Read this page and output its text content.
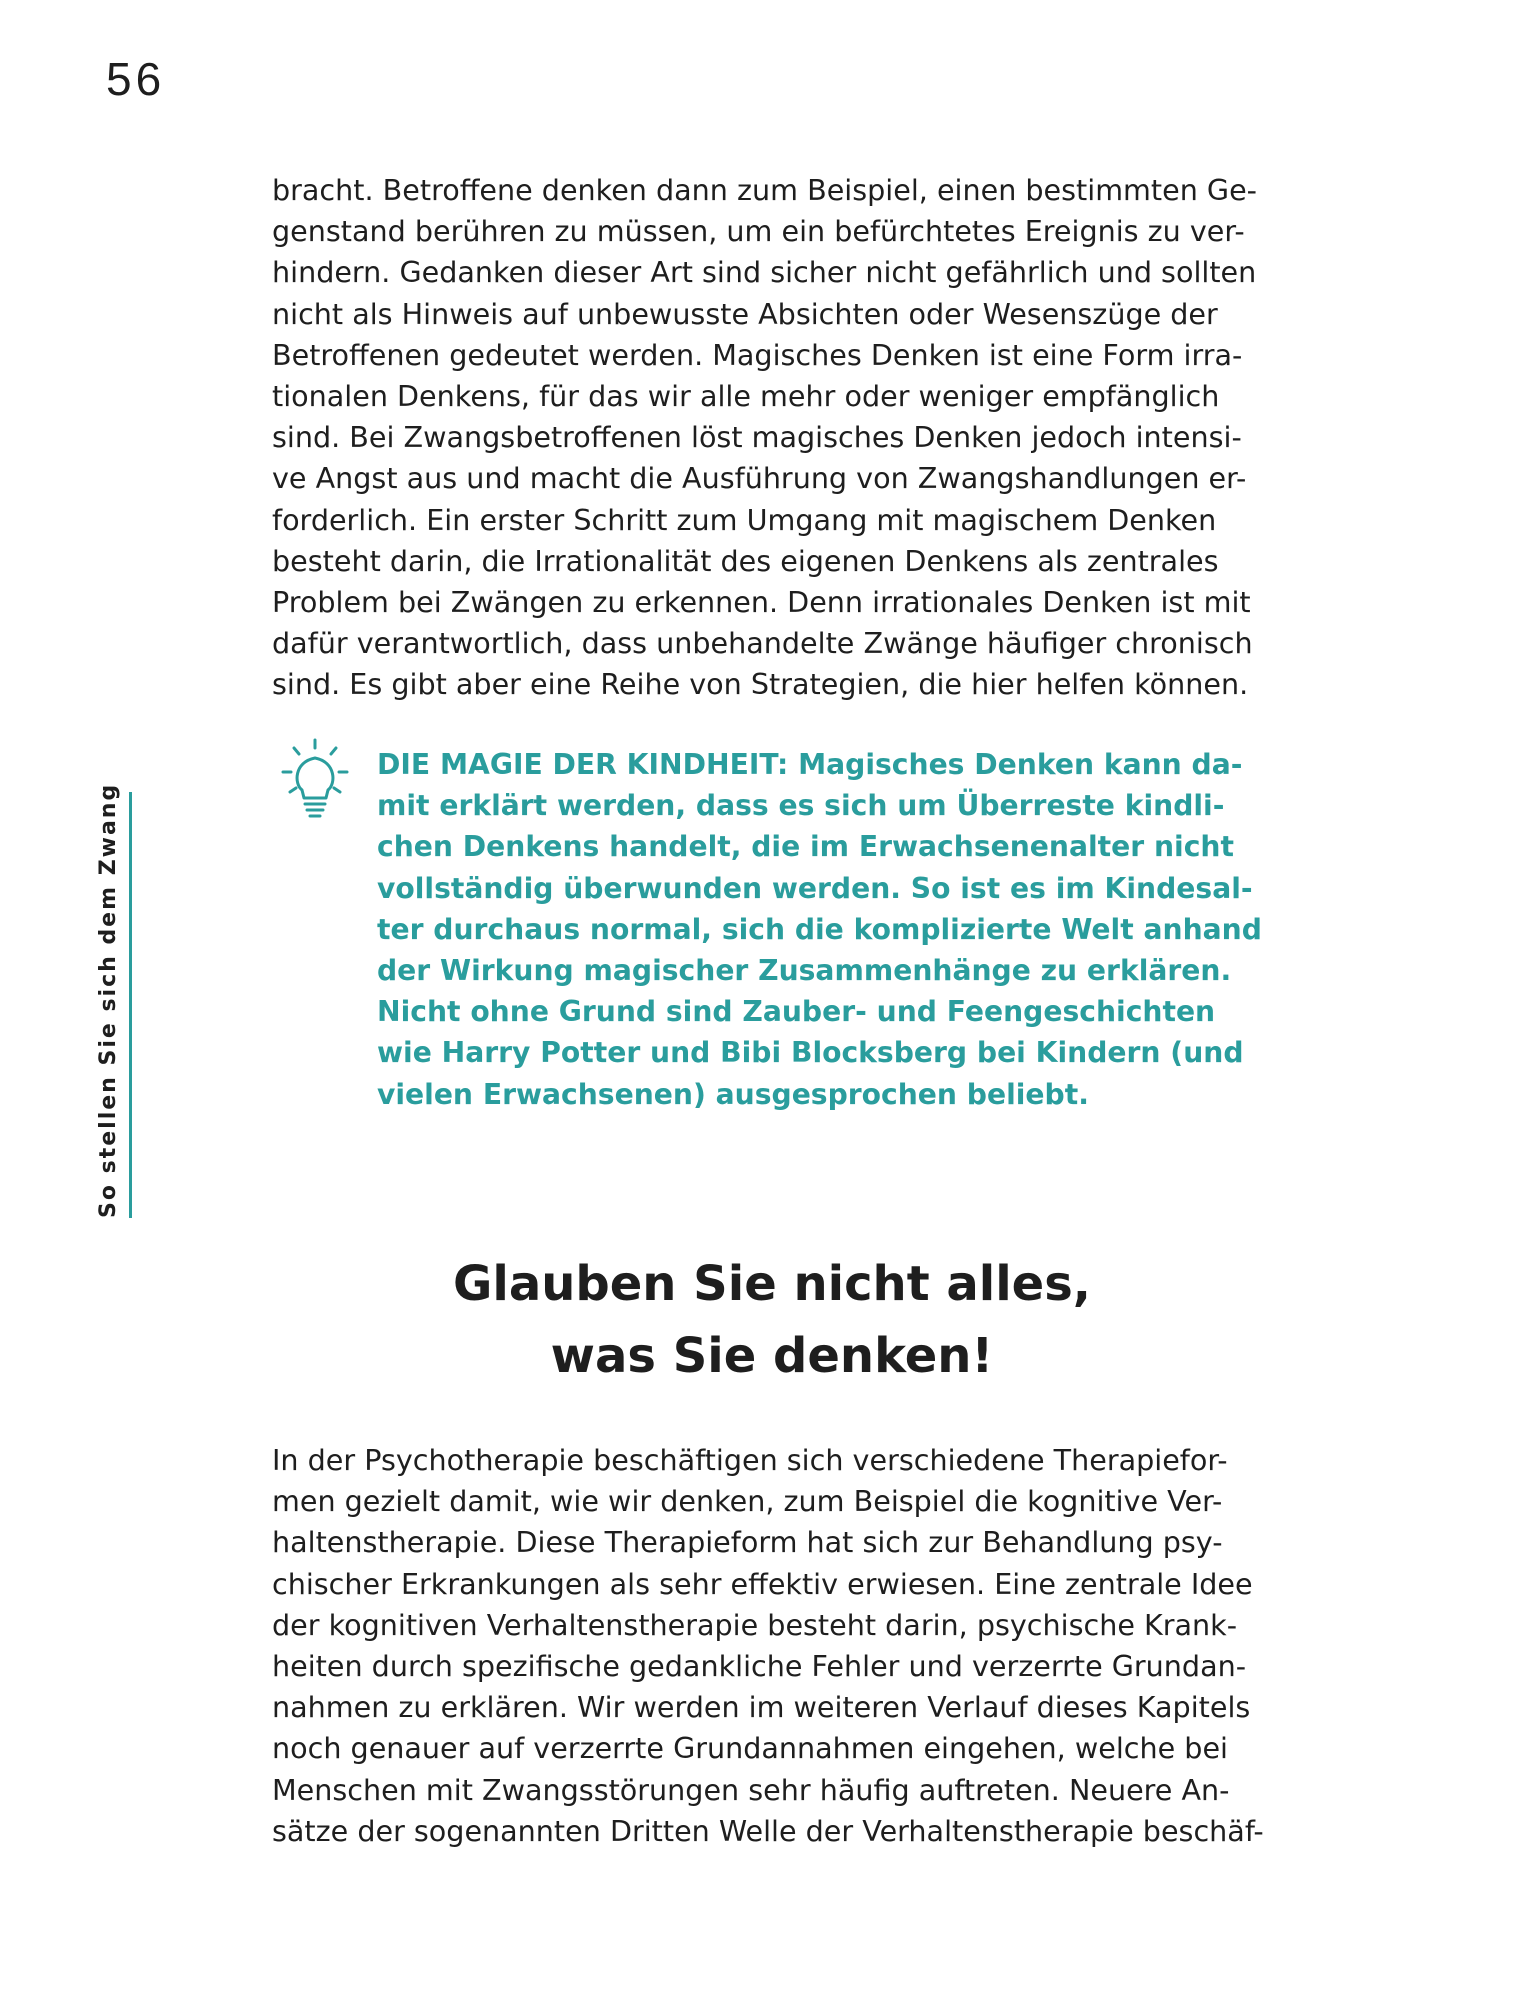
56
So stellen Sie sich dem Zwang
bracht. Betroffene denken dann zum Beispiel, einen bestimmten Ge-
genstand berühren zu müssen, um ein befürchtetes Ereignis zu ver-
hindern. Gedanken dieser Art sind sicher nicht gefährlich und sollten
nicht als Hinweis auf unbewusste Absichten oder Wesenszüge der
Betroffenen gedeutet werden. Magisches Denken ist eine Form irra-
tionalen Denkens, für das wir alle mehr oder weniger empfänglich
sind. Bei Zwangsbetroffenen löst magisches Denken jedoch intensi-
ve Angst aus und macht die Ausführung von Zwangshandlungen er-
forderlich. Ein erster Schritt zum Umgang mit magischem Denken
besteht darin, die Irrationalität des eigenen Denkens als zentrales
Problem bei Zwängen zu erkennen. Denn irrationales Denken ist mit
dafür verantwortlich, dass unbehandelte Zwänge häufiger chronisch
sind. Es gibt aber eine Reihe von Strategien, die hier helfen können.
DIE MAGIE DER KINDHEIT: Magisches Denken kann da-
mit erklärt werden, dass es sich um Überreste kindli-
chen Denkens handelt, die im Erwachsenenalter nicht
vollständig überwunden werden. So ist es im Kindesal-
ter durchaus normal, sich die komplizierte Welt anhand
der Wirkung magischer Zusammenhänge zu erklären.
Nicht ohne Grund sind Zauber- und Feengeschichten
wie Harry Potter und Bibi Blocksberg bei Kindern (und
vielen Erwachsenen) ausgesprochen beliebt.
Glauben Sie nicht alles,
was Sie denken!
In der Psychotherapie beschäftigen sich verschiedene Therapiefor-
men gezielt damit, wie wir denken, zum Beispiel die kognitive Ver-
haltenstherapie. Diese Therapieform hat sich zur Behandlung psy-
chischer Erkrankungen als sehr effektiv erwiesen. Eine zentrale Idee
der kognitiven Verhaltenstherapie besteht darin, psychische Krank-
heiten durch spezifische gedankliche Fehler und verzerrte Grundan-
nahmen zu erklären. Wir werden im weiteren Verlauf dieses Kapitels
noch genauer auf verzerrte Grundannahmen eingehen, welche bei
Menschen mit Zwangsstörungen sehr häufig auftreten. Neuere An-
sätze der sogenannten Dritten Welle der Verhaltenstherapie beschäf-
